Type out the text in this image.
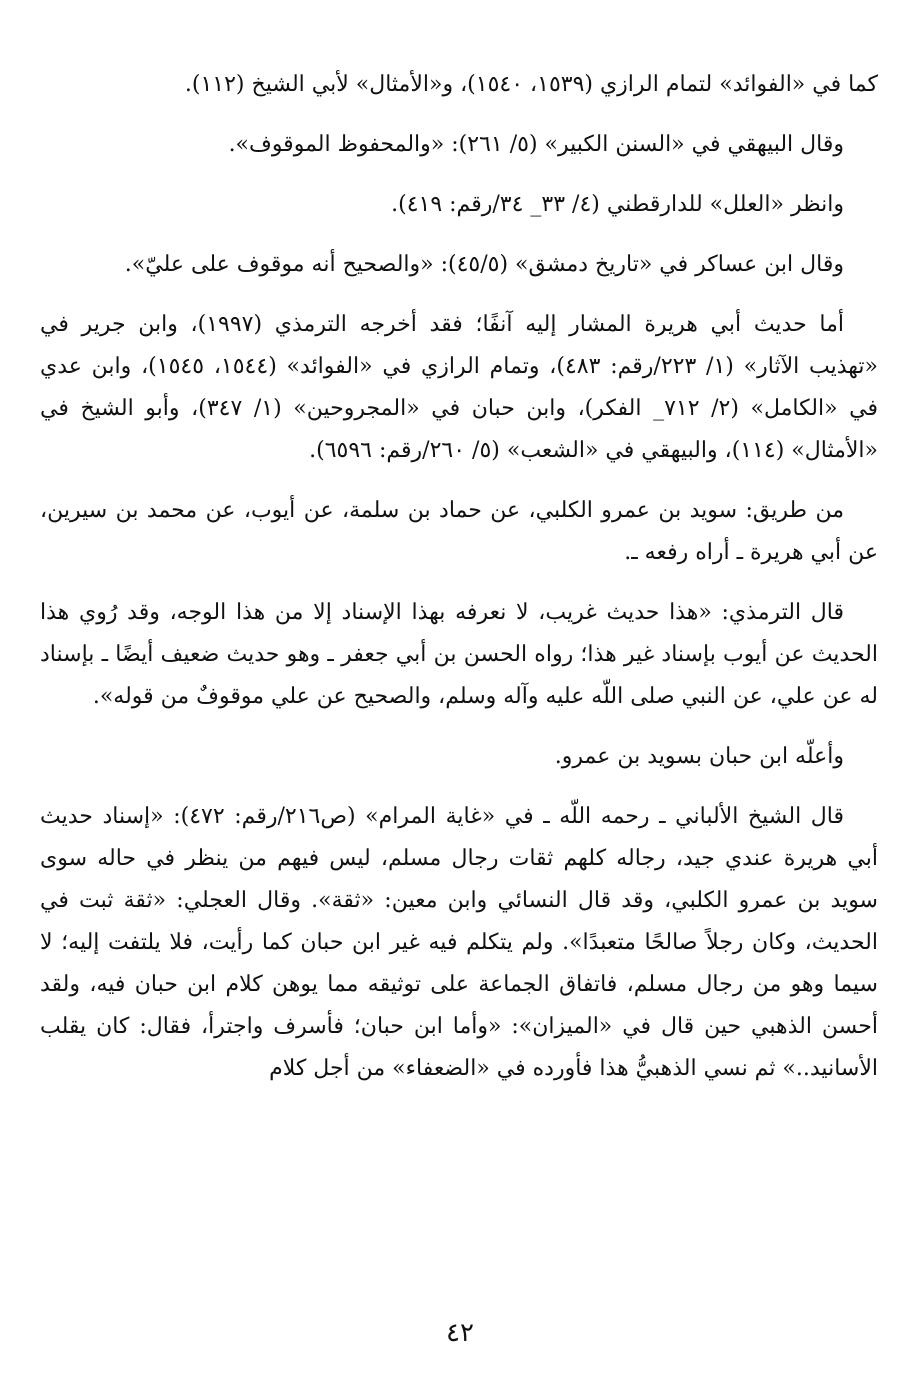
كما في «الفوائد» لتمام الرازي (١٥٣٩، ١٥٤٠)، و«الأمثال» لأبي الشيخ (١١٢).

وقال البيهقي في «السنن الكبير» (٥/ ٢٦١): «والمحفوظ الموقوف».

وانظر «العلل» للدارقطني (٤/ ٣٣_ ٣٤/رقم: ٤١٩).

وقال ابن عساكر في «تاريخ دمشق» (٤٥/٥): «والصحيح أنه موقوف على عليّ».

أما حديث أبي هريرة المشار إليه آنفًا؛ فقد أخرجه الترمذي (١٩٩٧)، وابن جرير في «تهذيب الآثار» (١/ ٢٢٣/رقم: ٤٨٣)، وتمام الرازي في «الفوائد» (١٥٤٤، ١٥٤٥)، وابن عدي في «الكامل» (٢/ ٧١٢_ الفكر)، وابن حبان في «المجروحين» (١/ ٣٤٧)، وأبو الشيخ في «الأمثال» (١١٤)، والبيهقي في «الشعب» (٥/ ٢٦٠/رقم: ٦٥٩٦).

من طريق: سويد بن عمرو الكلبي، عن حماد بن سلمة، عن أيوب، عن محمد بن سيرين، عن أبي هريرة ـ أراه رفعه ـ.

قال الترمذي: «هذا حديث غريب، لا نعرفه بهذا الإسناد إلا من هذا الوجه، وقد رُوي هذا الحديث عن أيوب بإسناد غير هذا؛ رواه الحسن بن أبي جعفر ـ وهو حديث ضعيف أيضًا ـ بإسناد له عن علي، عن النبي صلى اللّه عليه وآله وسلم، والصحيح عن علي موقوفٌ من قوله».

وأعلّه ابن حبان بسويد بن عمرو.

قال الشيخ الألباني ـ رحمه اللّه ـ في «غاية المرام» (ص٢١٦/رقم: ٤٧٢): «إسناد حديث أبي هريرة عندي جيد، رجاله كلهم ثقات رجال مسلم، ليس فيهم من ينظر في حاله سوى سويد بن عمرو الكلبي، وقد قال النسائي وابن معين: «ثقة». وقال العجلي: «ثقة ثبت في الحديث، وكان رجلاً صالحًا متعبدًا». ولم يتكلم فيه غير ابن حبان كما رأيت، فلا يلتفت إليه؛ لا سيما وهو من رجال مسلم، فاتفاق الجماعة على توثيقه مما يوهن كلام ابن حبان فيه، ولقد أحسن الذهبي حين قال في «الميزان»: «وأما ابن حبان؛ فأسرف واجترأ، فقال: كان يقلب الأسانيد..» ثم نسي الذهبيُّ هذا فأورده في «الضعفاء» من أجل كلام

٤٢
